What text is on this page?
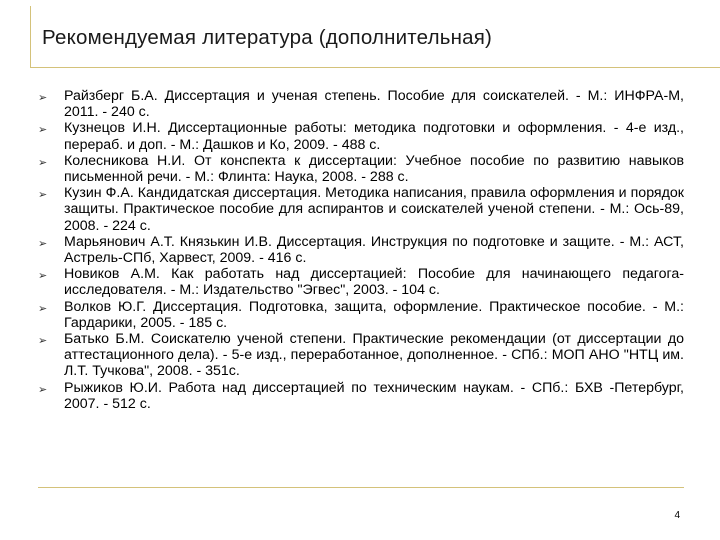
Рекомендуемая литература (дополнительная)
➢	Райзберг Б.А. Диссертация и ученая степень. Пособие для соискателей. - М.: ИНФРА-М, 2011. - 240 с.
➢	Кузнецов И.Н. Диссертационные работы: методика подготовки и оформления. - 4-е изд., перераб. и доп. - М.: Дашков и Ко, 2009. - 488 с.
➢	Колесникова Н.И. От конспекта к диссертации: Учебное пособие по развитию навыков письменной речи. - М.: Флинта: Наука, 2008. - 288 с.
➢	Кузин Ф.А. Кандидатская диссертация. Методика написания, правила оформления и порядок защиты. Практическое пособие для аспирантов и соискателей ученой степени. - М.: Ось-89, 2008. - 224 с.
➢	Марьянович А.Т. Князькин И.В. Диссертация. Инструкция по подготовке и защите. - М.: АСТ, Астрель-СПб, Харвест, 2009. - 416 с.
➢	Новиков А.М. Как работать над диссертацией: Пособие для начинающего педагога-исследователя. - М.: Издательство "Эгвес", 2003. - 104 с.
➢	Волков Ю.Г. Диссертация. Подготовка, защита, оформление. Практическое пособие. - М.: Гардарики, 2005. - 185 с.
➢	Батько Б.М. Соискателю ученой степени. Практические рекомендации (от диссертации до аттестационного дела). - 5-е изд., переработанное, дополненное. - СПб.: МОП АНО "НТЦ им. Л.Т. Тучкова", 2008. - 351с.
➢	Рыжиков Ю.И. Работа над диссертацией по техническим наукам. - СПб.: БХВ -Петербург, 2007. - 512 с.
4
